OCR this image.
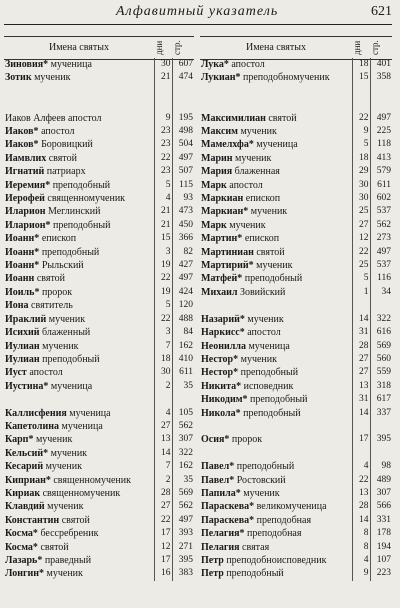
Алфавитный указатель	621
Имена святых	дни стр.	Имена святых	дни стр.
Зиновия* мученица	30	607		Лука* апостол	18	401
Зотик мученик	21	474		Лукиан* преподобномученик	15	358

Иаков Алфеев апостол	9	195		Максимилиан святой	22	497
Иаков* апостол	23	498		Максим мученик	9	225
Иаков* Боровицкий	23	504		Мамелхфа* мученица	5	118
Иамвлих святой	22	497		Марин мученик	18	413
Игнатий патриарх	23	507		Мария блаженная	29	579
Иеремия* преподобный	5	115		Марк апостол	30	611
Иерофей священномученик	4	93		Маркиан епископ	30	602
Иларион Меглинский	21	473		Маркиан* мученик	25	537
Иларион* преподобный	21	450		Марк мученик	27	562
Иоанн* епископ	15	366		Мартин* епископ	12	273
Иоанн* преподобный	3	82		Мартиниан святой	22	497
Иоанн* Рыльский	19	427		Мартирий* мученик	25	537
Иоанн святой	22	497		Матфей* преподобный	5	116
Иоиль* пророк	19	424		Михаил Зовийский	1	34
Иона святитель	5	120				
Ираклий мученик	22	488		Назарий* мученик	14	322
Исихий блаженный	3	84		Наркисс* апостол	31	616
Иулиан мученик	7	162		Неонилла мученица	28	569
Иулиан преподобный	18	410		Нестор* мученик	27	560
Иуст апостол	30	611		Нестор* преподобный	27	559
Иустина* мученица	2	35		Никита* исповедник	13	318
				Никодим* преподобный	31	617
Каллисфения мученица	4	105		Никола* преподобный	14	337
Капетолина мученица	27	562				
Карп* мученик	13	307		Осия* пророк	17	395
Кельсий* мученик	14	322				
Кесарий мученик	7	162		Павел* преподобный	4	98
Киприан* священномученик	2	35		Павел* Ростовский	22	489
Кириак священномученик	28	569		Папила* мученик	13	307
Клавдий мученик	27	562		Параскева* великомученица	28	566
Константин святой	22	497		Параскева* преподобная	14	331
Косма* бессребреник	17	393		Пелагия* преподобная	8	178
Косма* святой	12	271		Пелагия святая	8	194
Лазарь* праведный	17	395		Петр преподобноисповедник	4	107
Лонгин* мученик	16	383		Петр преподобный	9	223
